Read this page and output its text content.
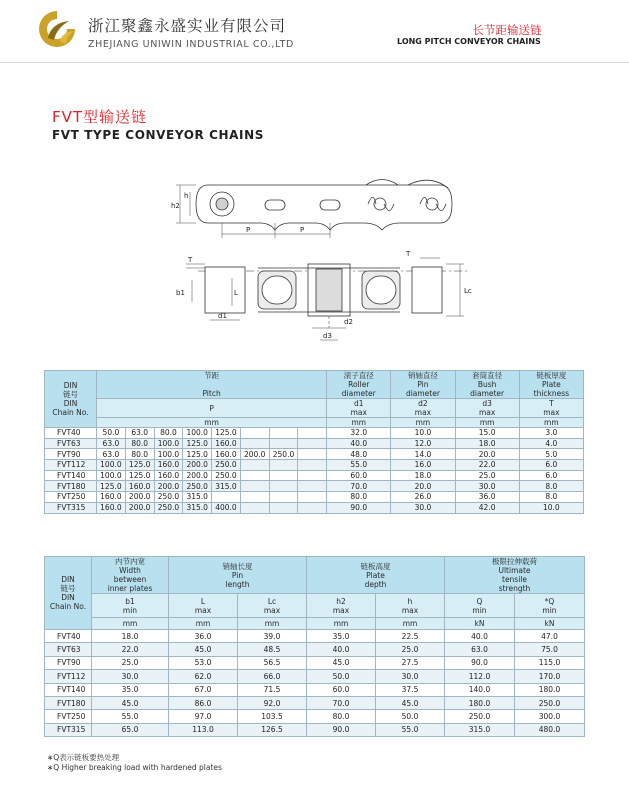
浙江聚鑫永盛实业有限公司
ZHEJIANG UNIWIN INDUSTRIAL CO.,LTD
长节距输送链
LONG PITCH CONVEYOR CHAINS
FVT型输送链
FVT TYPE CONVEYOR CHAINS
h2
h
P	P
T
b1	L
d1
d2
d3
T
Lc
DIN
链号
DIN
Chain No.	节距

Pitch								滚子直径
Roller
diameter	销轴直径
Pin
diameter	套筒直径
Bush
diameter	链板厚度
Plate
thickness

	P								d1
max	d2
max	d3
max	T
max

	mm								mm	mm	mm	mm
FVT40	50.0	63.0	80.0	100.0	125.0				32.0	10.0	15.0	3.0
FVT63	63.0	80.0	100.0	125.0	160.0				40.0	12.0	18.0	4.0
FVT90	63.0	80.0	100.0	125.0	160.0	200.0	250.0		48.0	14.0	20.0	5.0
FVT112	100.0	125.0	160.0	200.0	250.0				55.0	16.0	22.0	6.0
FVT140	100.0	125.0	160.0	200.0	250.0				60.0	18.0	25.0	6.0
FVT180	125.0	160.0	200.0	250.0	315.0				70.0	20.0	30.0	8.0
FVT250	160.0	200.0	250.0	315.0					80.0	26.0	36.0	8.0
FVT315	160.0	200.0	250.0	315.0	400.0				90.0	30.0	42.0	10.0
DIN
链号
DIN
Chain No.	内节内宽
Width
between
inner plates	销轴长度
Pin
length		链板高度
Plate
depth		极限拉伸载荷
Ultimate
tensile
strength	
	b1
min	L
max	Lc
max	h2
max	h
max	Q
min	*Q
min
	mm	mm	mm	mm	mm	kN	kN
FVT40	18.0	36.0	39.0	35.0	22.5	40.0	47.0
FVT63	22.0	45.0	48.5	40.0	25.0	63.0	75.0
FVT90	25.0	53.0	56.5	45.0	27.5	90.0	115.0
FVT112	30.0	62.0	66.0	50.0	30.0	112.0	170.0
FVT140	35.0	67.0	71.5	60.0	37.5	140.0	180.0
FVT180	45.0	86.0	92.0	70.0	45.0	180.0	250.0
FVT250	55.0	97.0	103.5	80.0	50.0	250.0	300.0
FVT315	65.0	113.0	126.5	90.0	55.0	315.0	480.0
∗Q表示链板要热处理
∗Q Higher breaking load with hardened plates
